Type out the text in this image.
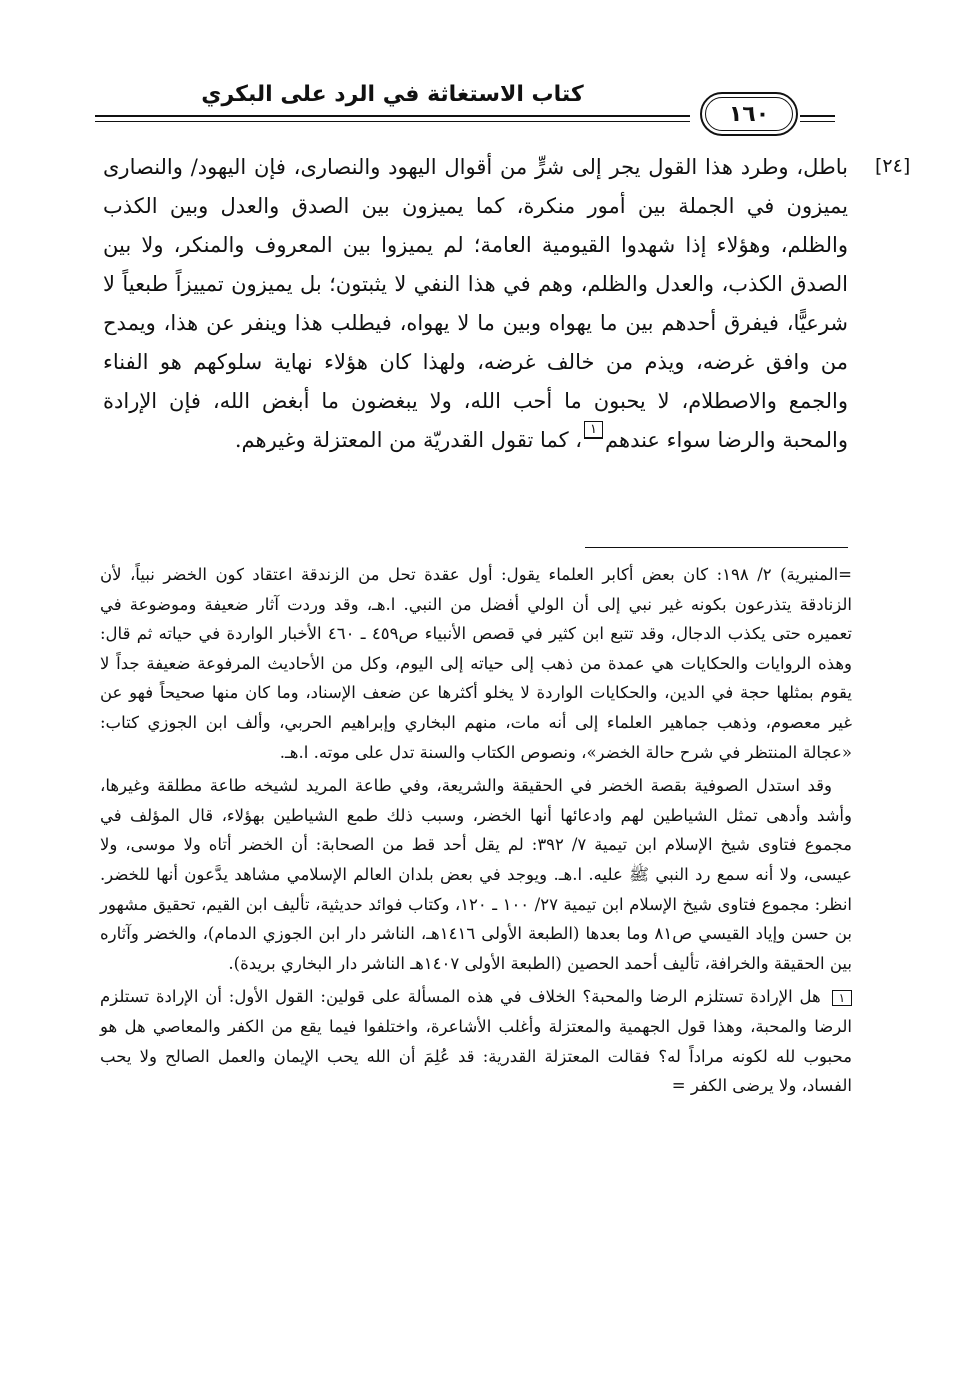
كتاب الاستغاثة في الرد على البكري
١٦٠
[٢٤]

باطل، وطرد هذا القول يجر إلى شرٍّ من أقوال اليهود والنصارى، فإن اليهود/ والنصارى يميزون في الجملة بين أمور منكرة، كما يميزون بين الصدق والعدل وبين الكذب والظلم، وهؤلاء إذا شهدوا القيومية العامة؛ لم يميزوا بين المعروف والمنكر، ولا بين الصدق الكذب، والعدل والظلم، وهم في هذا النفي لا يثبتون؛ بل يميزون تمييزاً طبعياً لا شرعيًّا، فيفرق أحدهم بين ما يهواه وبين ما لا يهواه، فيطلب هذا وينفر عن هذا، ويمدح من وافق غرضه، ويذم من خالف غرضه، ولهذا كان هؤلاء نهاية سلوكهم هو الفناء والجمع والاصطلام، لا يحبون ما أحب الله، ولا يبغضون ما أبغض الله، فإن الإرادة والمحبة والرضا سواء عندهم١، كما تقول القدريّة من المعتزلة وغيرهم.

=المنيرية) ٢/ ١٩٨: كان بعض أكابر العلماء يقول: أول عقدة تحل من الزندقة اعتقاد كون الخضر نبياً، لأن الزنادقة يتذرعون بكونه غير نبي إلى أن الولي أفضل من النبي. ا.هـ، وقد وردت آثار ضعيفة وموضوعة في تعميره حتى يكذب الدجال، وقد تتبع ابن كثير في قصص الأنبياء ص٤٥٩ ـ ٤٦٠ الأخبار الواردة في حياته ثم قال: وهذه الروايات والحكايات هي عمدة من ذهب إلى حياته إلى اليوم، وكل من الأحاديث المرفوعة ضعيفة جداً لا يقوم بمثلها حجة في الدين، والحكايات الواردة لا يخلو أكثرها عن ضعف الإسناد، وما كان منها صحيحاً فهو عن غير معصوم، وذهب جماهير العلماء إلى أنه مات، منهم البخاري وإبراهيم الحربي، وألف ابن الجوزي كتاب: «عجالة المنتظر في شرح حالة الخضر»، ونصوص الكتاب والسنة تدل على موته. ا.هـ.

وقد استدل الصوفية بقصة الخضر في الحقيقة والشريعة، وفي طاعة المريد لشيخه طاعة مطلقة وغيرها، وأشد وأدهى تمثل الشياطين لهم وادعائها أنها الخضر، وسبب ذلك طمع الشياطين بهؤلاء، قال المؤلف في مجموع فتاوى شيخ الإسلام ابن تيمية ٧/ ٣٩٢: لم يقل أحد قط من الصحابة: أن الخضر أتاه ولا موسى، ولا عيسى، ولا أنه سمع رد النبي ﷺ عليه. ا.هـ. ويوجد في بعض بلدان العالم الإسلامي مشاهد يدَّعون أنها للخضر. انظر: مجموع فتاوى شيخ الإسلام ابن تيمية ٢٧/ ١٠٠ ـ ١٢٠، وكتاب فوائد حديثية، تأليف ابن القيم، تحقيق مشهور بن حسن وإياد القيسي ص٨١ وما بعدها (الطبعة الأولى ١٤١٦هـ، الناشر دار ابن الجوزي الدمام)، والخضر وآثاره بين الحقيقة والخرافة، تأليف أحمد الحصين (الطبعة الأولى ١٤٠٧هـ الناشر دار البخاري بريدة).

١ هل الإرادة تستلزم الرضا والمحبة؟ الخلاف في هذه المسألة على قولين: القول الأول: أن الإرادة تستلزم الرضا والمحبة، وهذا قول الجهمية والمعتزلة وأغلب الأشاعرة، واختلفوا فيما يقع من الكفر والمعاصي هل هو محبوب لله لكونه مراداً له؟ فقالت المعتزلة القدرية: قد عُلِمَ أن الله يحب الإيمان والعمل الصالح ولا يحب الفساد، ولا يرضى الكفر =
